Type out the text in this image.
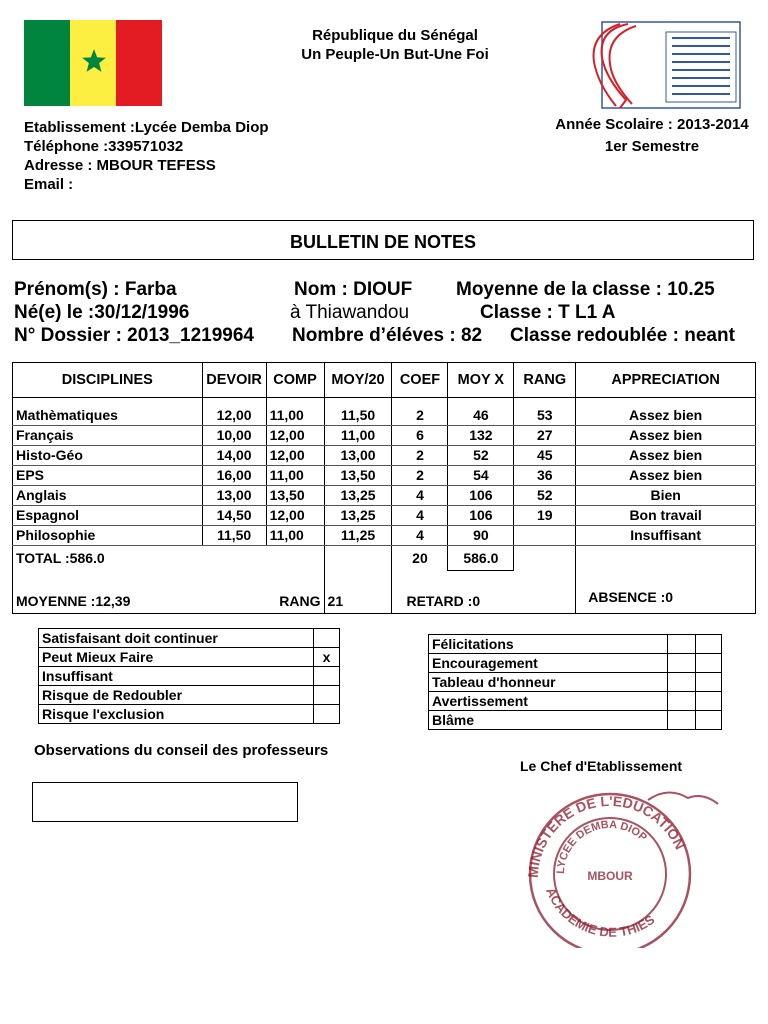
République du Sénégal
Un Peuple-Un But-Une Foi
Etablissement :Lycée Demba Diop
Téléphone :339571032
Adresse : MBOUR TEFESS
Email :
Année Scolaire : 2013-2014
1er Semestre
BULLETIN DE NOTES
Prénom(s) : Farba	Nom : DIOUF Moyenne de la classe : 10.25
Né(e) le :30/12/1996	à Thiawandou	Classe : T L1 A
N° Dossier : 2013_1219964 Nombre d’éléves : 82 Classe redoublée : neant
DISCIPLINES	DEVOIR	COMP	MOY/20	COEF	MOY X	RANG	APPRECIATION

Mathèmatiques	12,00	11,00	11,50	2	46	53	Assez bien
Français	10,00	12,00	11,00	6	132	27	Assez bien
Histo-Géo	14,00	12,00	13,00	2	52	45	Assez bien
EPS	16,00	11,00	13,50	2	54	36	Assez bien
Anglais	13,00	13,50	13,25	4	106	52	Bien
Espagnol	14,50	12,00	13,25	4	106	19	Bon travail
Philosophie	11,50	11,00	11,25	4	90		Insuffisant
TOTAL :586.0				20	586.0		
MOYENNE :12,39		RANG	21	RETARD :0			ABSENCE :0
Satisfaisant doit continuer	
Peut Mieux Faire	x
Insuffisant	
Risque de Redoubler	
Risque l'exclusion	
Félicitations		
Encouragement		
Tableau d'honneur		
Avertissement		
Blâme		
Observations du conseil des professeurs
Le Chef d'Etablissement
MINISTERE DE L'EDUCATION
LYCEE DEMBA DIOP
MBOUR
ACADEMIE DE THIES
